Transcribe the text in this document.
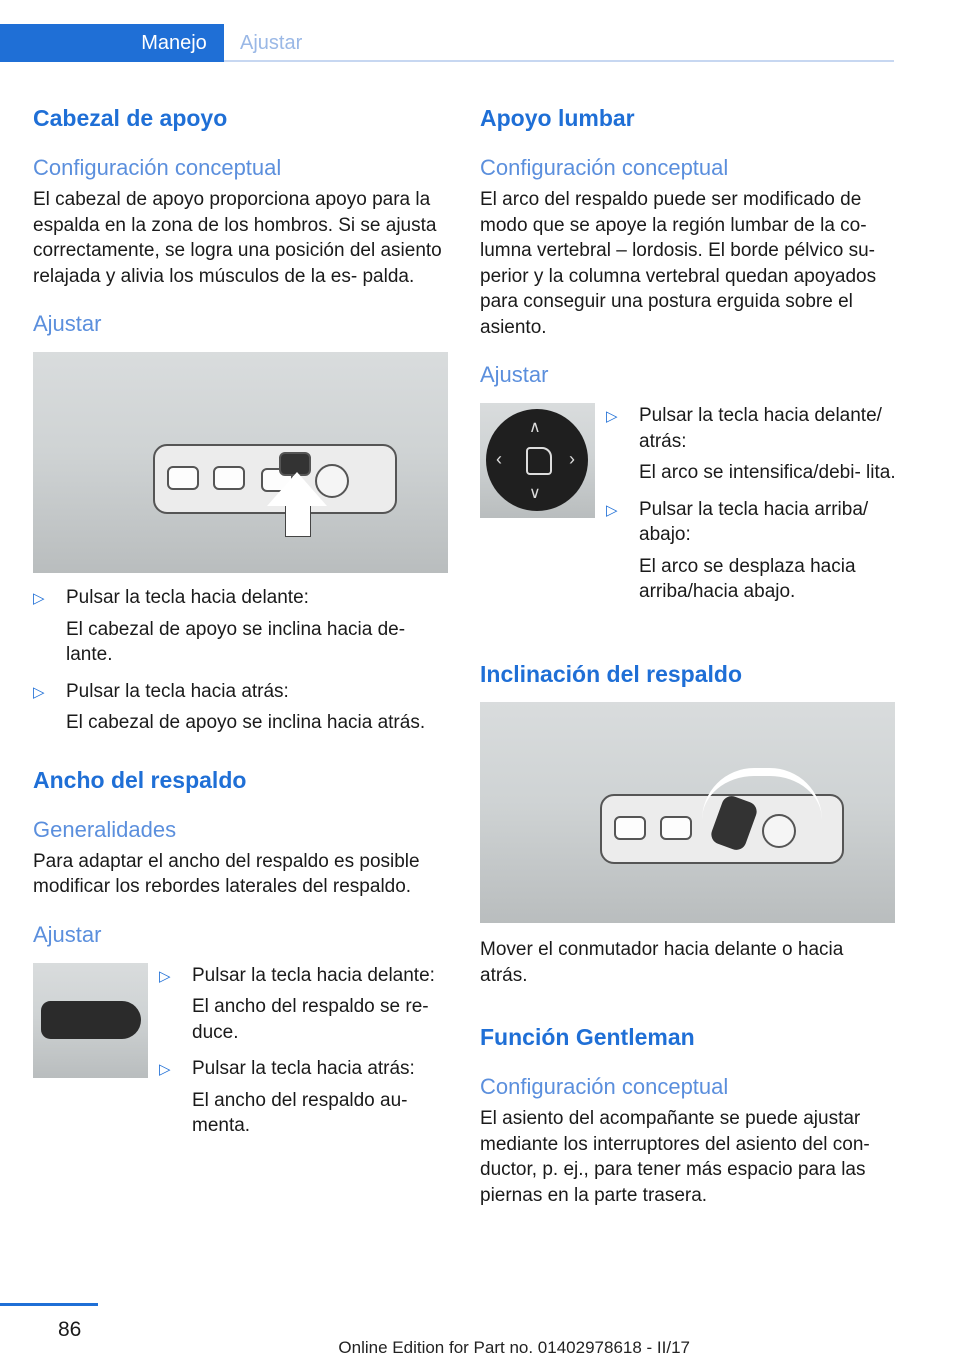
Manejo	Ajustar
Cabezal de apoyo
Configuración conceptual

El cabezal de apoyo proporciona apoyo para la espalda en la zona de los hombros. Si se ajusta correctamente, se logra una posición del asiento relajada y alivia los músculos de la es‐ palda.

Ajustar
▷ Pulsar la tecla hacia delante:
El cabezal de apoyo se inclina hacia de‐ lante.
▷ Pulsar la tecla hacia atrás:
El cabezal de apoyo se inclina hacia atrás.
Ancho del respaldo
Generalidades

Para adaptar el ancho del respaldo es posible modificar los rebordes laterales del respaldo.

Ajustar
▷ Pulsar la tecla hacia delante:
El ancho del respaldo se re‐ duce.
▷ Pulsar la tecla hacia atrás:
El ancho del respaldo au‐ menta.
Apoyo lumbar
Configuración conceptual

El arco del respaldo puede ser modificado de modo que se apoye la región lumbar de la co‐ lumna vertebral – lordosis. El borde pélvico su‐ perior y la columna vertebral quedan apoyados para conseguir una postura erguida sobre el asiento.

Ajustar
∧
∨
‹	›
▷ Pulsar la tecla hacia delante/ atrás:
El arco se intensifica/debi‐ lita.
▷ Pulsar la tecla hacia arriba/ abajo:
El arco se desplaza hacia arriba/hacia abajo.
Inclinación del respaldo

Mover el conmutador hacia delante o hacia atrás.

Función Gentleman
Configuración conceptual

El asiento del acompañante se puede ajustar mediante los interruptores del asiento del con‐ ductor, p. ej., para tener más espacio para las piernas en la parte trasera.

86
Online Edition for Part no. 01402978618 - II/17
